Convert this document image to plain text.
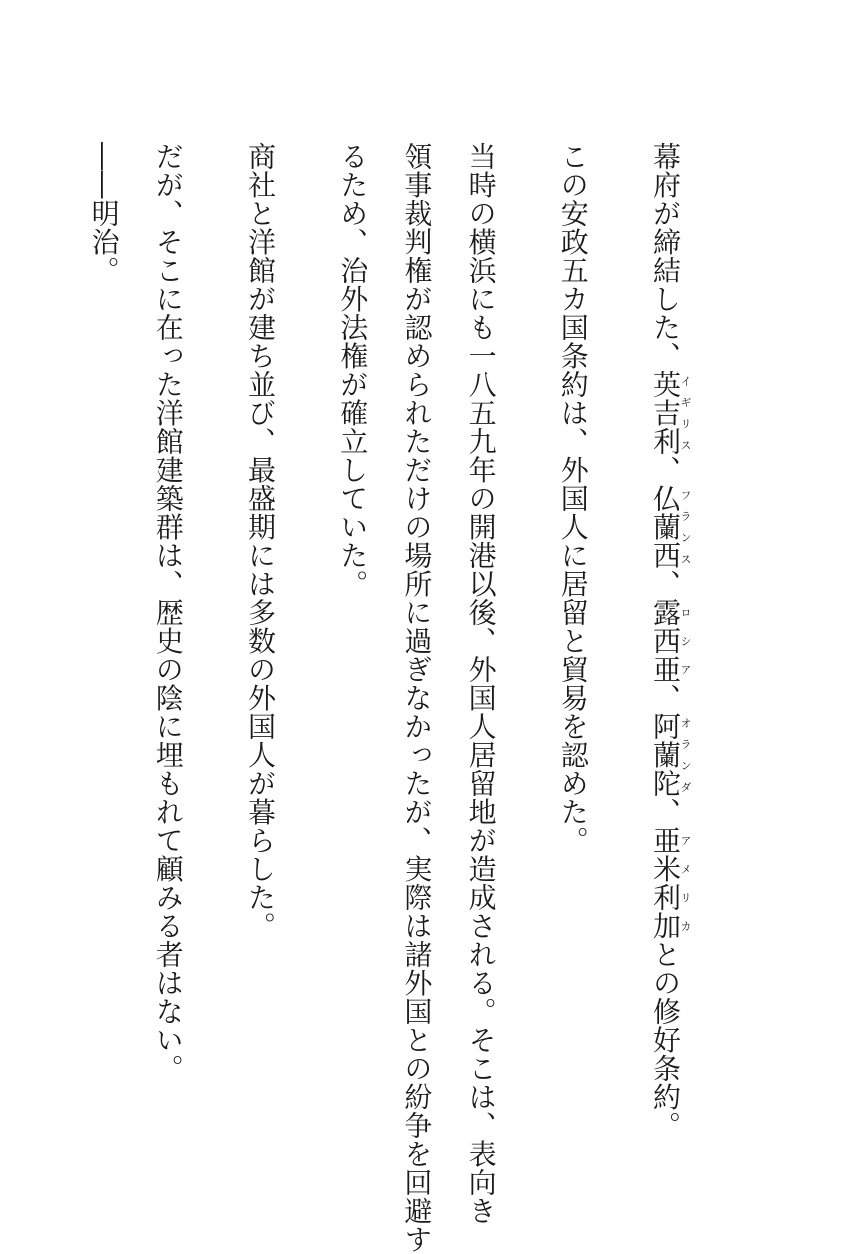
幕府が締結した、英吉利イギリス、仏蘭西フランス、露西亜ロシア、阿蘭陀オランダ、亜米利加アメリカとの修好条約。
この安政五カ国条約は、外国人に居留と貿易を認めた。
当時の横浜にも一八五九年の開港以後、外国人居留地が造成される。そこは、表向き
領事裁判権が認められただけの場所に過ぎなかったが、実際は諸外国との紛争を回避す
るため、治外法権が確立していた。
商社と洋館が建ち並び、最盛期には多数の外国人が暮らした。
だが、そこに在った洋館建築群は、歴史の陰に埋もれて顧みる者はない。
――明治。
